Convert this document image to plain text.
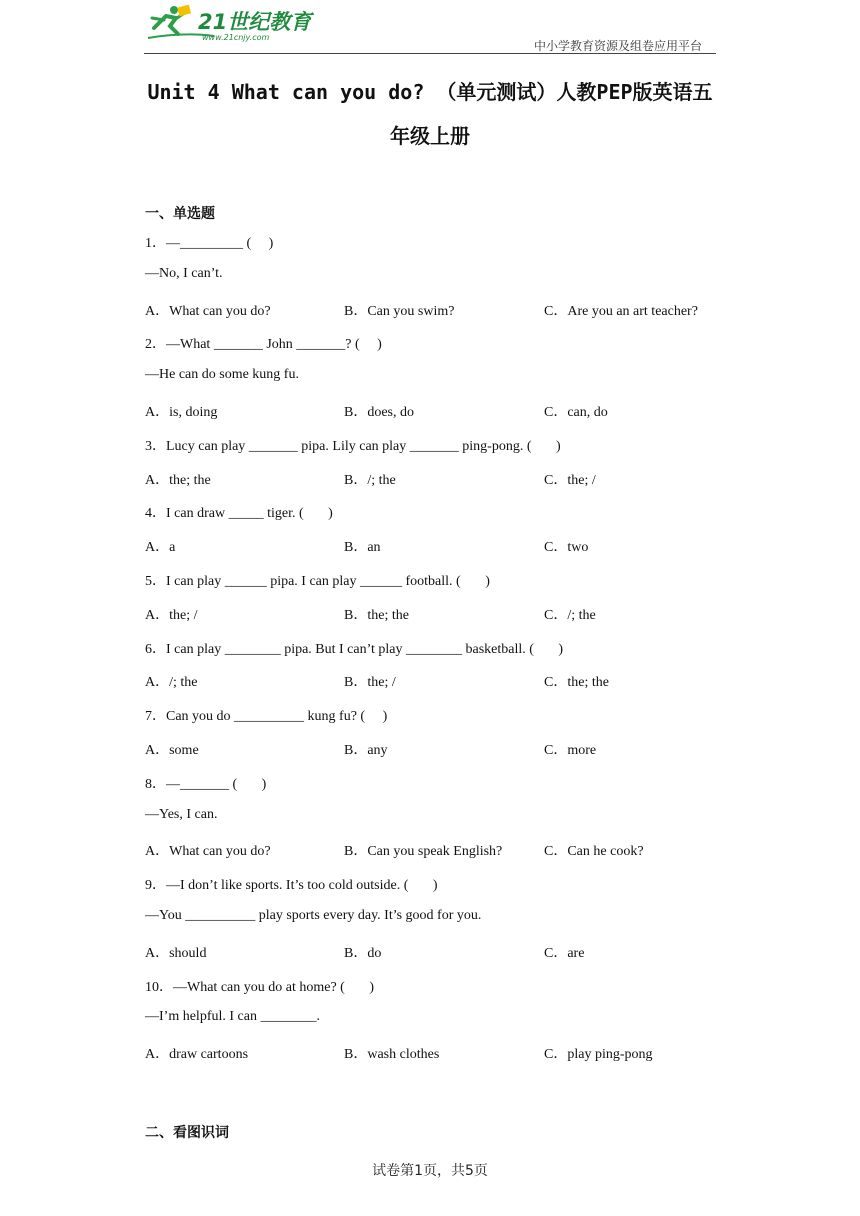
21世纪教育
www.21cnjy.com
中小学教育资源及组卷应用平台
Unit 4 What can you do? （单元测试）人教PEP版英语五
年级上册
一、单选题
1．—_________ (     )
—No, I can’t.
A．What can you do?	B．Can you swim?	C．Are you an art teacher?
2．—What _______ John _______? (     )
—He can do some kung fu.
A．is, doing	B．does, do	C．can, do
3．Lucy can play _______ pipa. Lily can play _______ ping-pong. (       )
A．the; the	B．/; the	C．the; /
4．I can draw _____ tiger. (       )
A．a	B．an	C．two
5．I can play ______ pipa. I can play ______ football. (       )
A．the; /	B．the; the	C．/; the
6．I can play ________ pipa. But I can’t play ________ basketball. (       )
A．/; the	B．the; /	C．the; the
7．Can you do __________ kung fu? (     )
A．some	B．any	C．more
8．—_______ (       )
—Yes, I can.
A．What can you do?	B．Can you speak English?	C．Can he cook?
9．—I don’t like sports. It’s too cold outside. (       )
—You __________ play sports every day. It’s good for you.
A．should	B．do	C．are
10．—What can you do at home? (       )
—I’m helpful. I can ________.
A．draw cartoons	B．wash clothes	C．play ping-pong
二、看图识词
试卷第1页，共5页
